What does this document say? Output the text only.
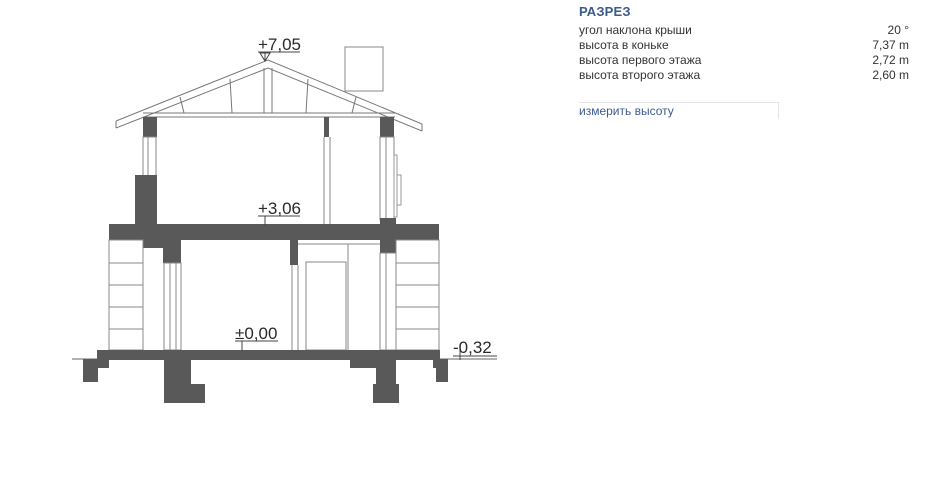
+7,05
+3,06
±0,00
-0,32
РАЗРЕЗ
угол наклона крыши	20 °
высота в коньке	7,37 m
высота первого этажа	2,72 m
высота второго этажа	2,60 m
измерить высоту
